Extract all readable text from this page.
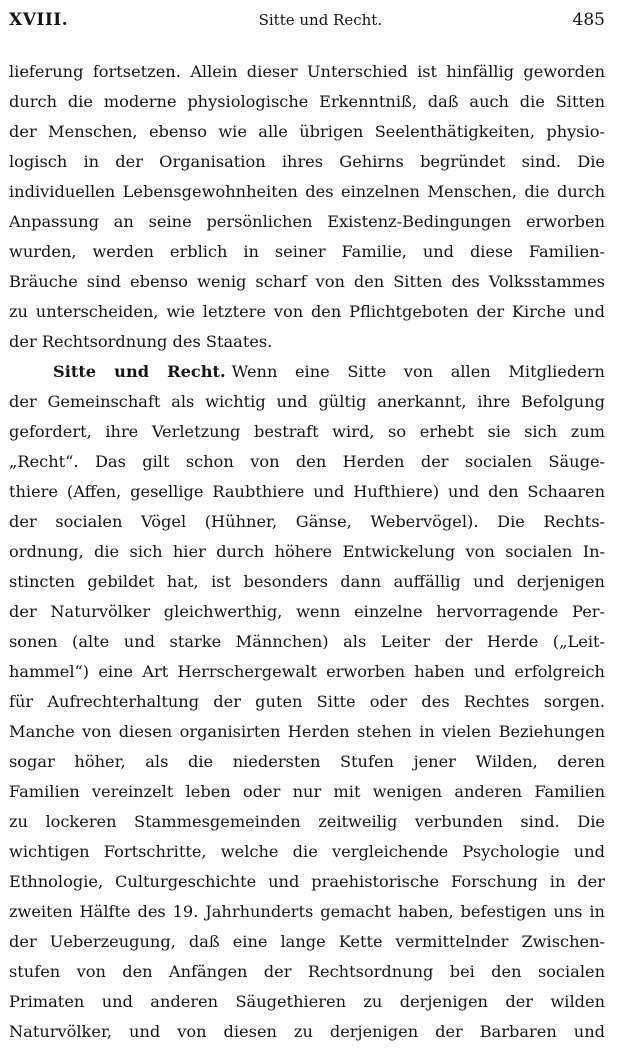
XVIII.	Sitte und Recht.	485
lieferung fortsetzen. Allein dieser Unterschied ist hinfällig geworden
durch die moderne physiologische Erkenntniß, daß auch die Sitten
der Menschen, ebenso wie alle übrigen Seelenthätigkeiten, physio-
logisch in der Organisation ihres Gehirns begründet sind. Die
individuellen Lebensgewohnheiten des einzelnen Menschen, die durch
Anpassung an seine persönlichen Existenz-Bedingungen erworben
wurden, werden erblich in seiner Familie, und diese Familien-
Bräuche sind ebenso wenig scharf von den Sitten des Volksstammes
zu unterscheiden, wie letztere von den Pflichtgeboten der Kirche und
der Rechtsordnung des Staates.
Sitte und Recht. Wenn eine Sitte von allen Mitgliedern
der Gemeinschaft als wichtig und gültig anerkannt, ihre Befolgung
gefordert, ihre Verletzung bestraft wird, so erhebt sie sich zum
„Recht“. Das gilt schon von den Herden der socialen Säuge-
thiere (Affen, gesellige Raubthiere und Hufthiere) und den Schaaren
der socialen Vögel (Hühner, Gänse, Webervögel). Die Rechts-
ordnung, die sich hier durch höhere Entwickelung von socialen In-
stincten gebildet hat, ist besonders dann auffällig und derjenigen
der Naturvölker gleichwerthig, wenn einzelne hervorragende Per-
sonen (alte und starke Männchen) als Leiter der Herde („Leit-
hammel“) eine Art Herrschergewalt erworben haben und erfolgreich
für Aufrechterhaltung der guten Sitte oder des Rechtes sorgen.
Manche von diesen organisirten Herden stehen in vielen Beziehungen
sogar höher, als die niedersten Stufen jener Wilden, deren
Familien vereinzelt leben oder nur mit wenigen anderen Familien
zu lockeren Stammesgemeinden zeitweilig verbunden sind. Die
wichtigen Fortschritte, welche die vergleichende Psychologie und
Ethnologie, Culturgeschichte und praehistorische Forschung in der
zweiten Hälfte des 19. Jahrhunderts gemacht haben, befestigen uns in
der Ueberzeugung, daß eine lange Kette vermittelnder Zwischen-
stufen von den Anfängen der Rechtsordnung bei den socialen
Primaten und anderen Säugethieren zu derjenigen der wilden
Naturvölker, und von diesen zu derjenigen der Barbaren und
